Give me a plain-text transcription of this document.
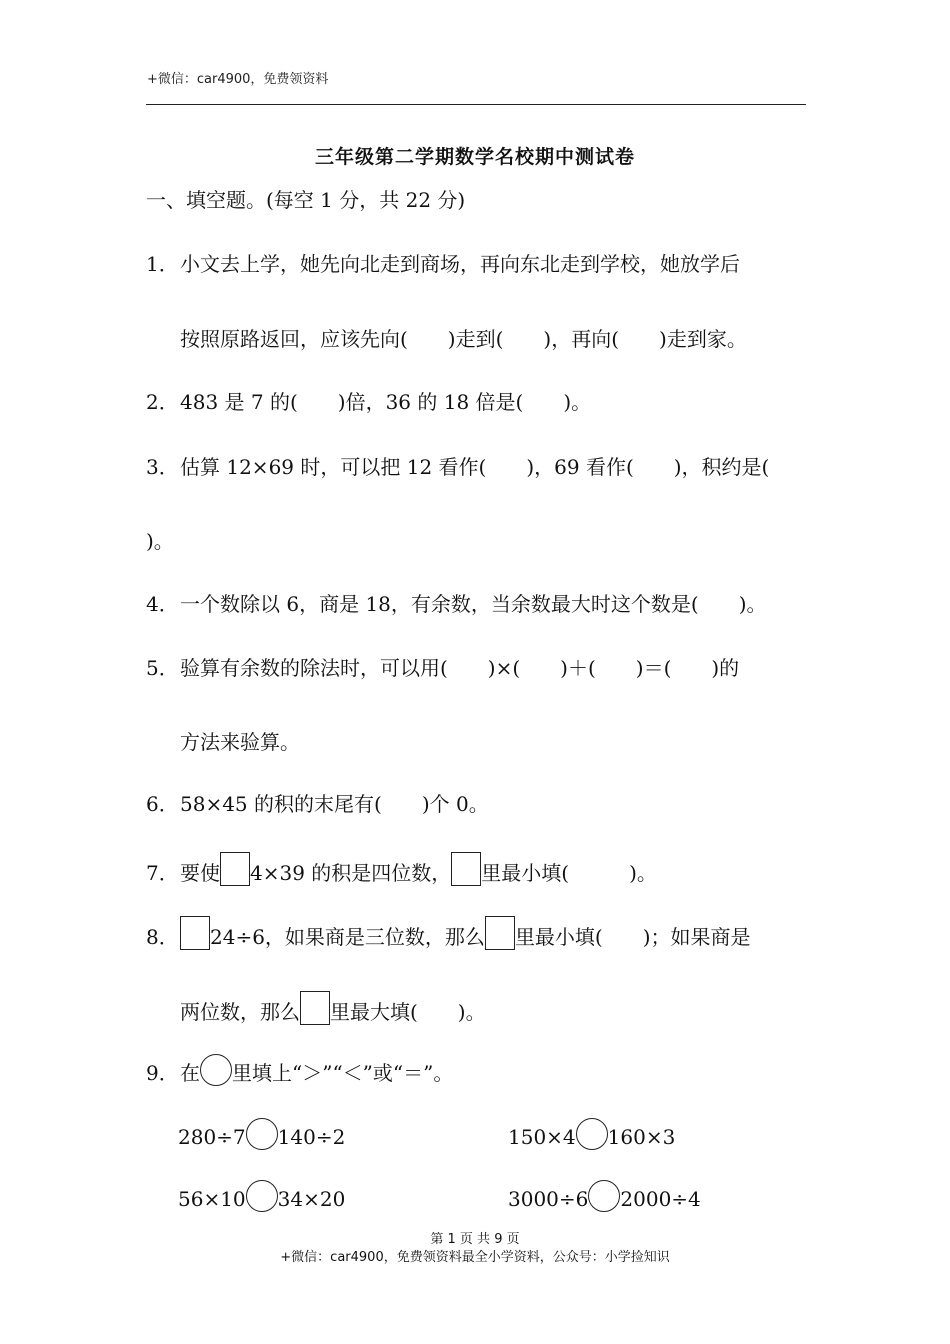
+微信：car4900，免费领资料
三年级第二学期数学名校期中测试卷
一、填空题。(每空 1 分，共 22 分)
1．小文去上学，她先向北走到商场，再向东北走到学校，她放学后
按照原路返回，应该先向(　　)走到(　　)，再向(　　)走到家。
2．483 是 7 的(　　)倍，36 的 18 倍是(　　)。
3．估算 12×69 时，可以把 12 看作(　　)，69 看作(　　)，积约是(
)。
4．一个数除以 6，商是 18，有余数，当余数最大时这个数是(　　)。
5．验算有余数的除法时，可以用(　　)×(　　)＋(　　)＝(　　)的
方法来验算。
6．58×45 的积的末尾有(　　)个 0。
7．要使 4×39 的积是四位数， 里最小填(　　　)。
8． 24÷6，如果商是三位数，那么 里最小填(　　)；如果商是
两位数，那么 里最大填(　　)。
9．在 里填上“＞”“＜”或“＝”。
280÷7 140÷2	150×4 160×3
56×10 34×20	3000÷6 2000÷4
第 1 页 共 9 页
+微信：car4900，免费领资料最全小学资料，公众号：小学捡知识
